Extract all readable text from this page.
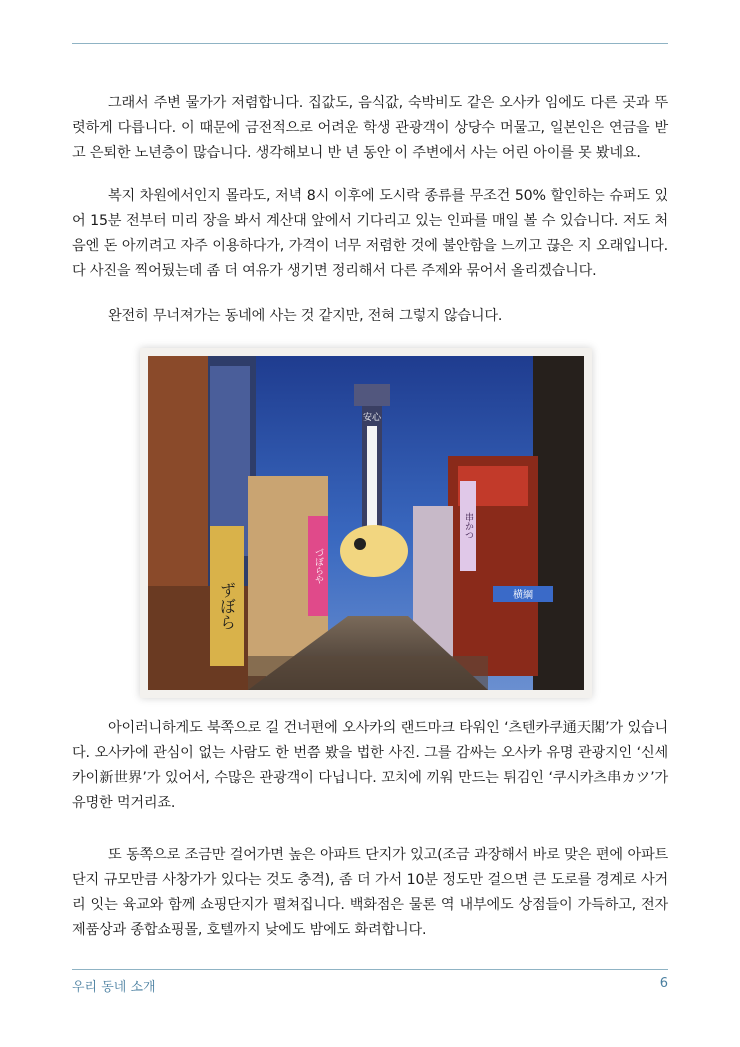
그래서 주변 물가가 저렴합니다. 집값도, 음식값, 숙박비도 같은 오사카 임에도 다른 곳과 뚜렷하게 다릅니다. 이 때문에 금전적으로 어려운 학생 관광객이 상당수 머물고, 일본인은 연금을 받고 은퇴한 노년층이 많습니다. 생각해보니 반 년 동안 이 주변에서 사는 어린 아이를 못 봤네요.

복지 차원에서인지 몰라도, 저녁 8시 이후에 도시락 종류를 무조건 50% 할인하는 슈퍼도 있어 15분 전부터 미리 장을 봐서 계산대 앞에서 기다리고 있는 인파를 매일 볼 수 있습니다. 저도 처음엔 돈 아끼려고 자주 이용하다가, 가격이 너무 저렴한 것에 불안함을 느끼고 끊은 지 오래입니다. 다 사진을 찍어뒀는데 좀 더 여유가 생기면 정리해서 다른 주제와 묶어서 올리겠습니다.

완전히 무너져가는 동네에 사는 것 같지만, 전혀 그렇지 않습니다.

安心
ずぼら
づぼらや
串かつ
横綱

아이러니하게도 북쪽으로 길 건너편에 오사카의 랜드마크 타워인 ‘츠텐카쿠通天閣’가 있습니다. 오사카에 관심이 없는 사람도 한 번쯤 봤을 법한 사진. 그를 감싸는 오사카 유명 관광지인 ‘신세카이新世界’가 있어서, 수많은 관광객이 다닙니다. 꼬치에 끼워 만드는 튀김인 ‘쿠시카츠串カツ’가 유명한 먹거리죠.

또 동쪽으로 조금만 걸어가면 높은 아파트 단지가 있고(조금 과장해서 바로 맞은 편에 아파트 단지 규모만큼 사창가가 있다는 것도 충격), 좀 더 가서 10분 정도만 걸으면 큰 도로를 경계로 사거리 잇는 육교와 함께 쇼핑단지가 펼쳐집니다. 백화점은 물론 역 내부에도 상점들이 가득하고, 전자제품상과 종합쇼핑몰, 호텔까지 낮에도 밤에도 화려합니다.

우리 동네 소개	6
